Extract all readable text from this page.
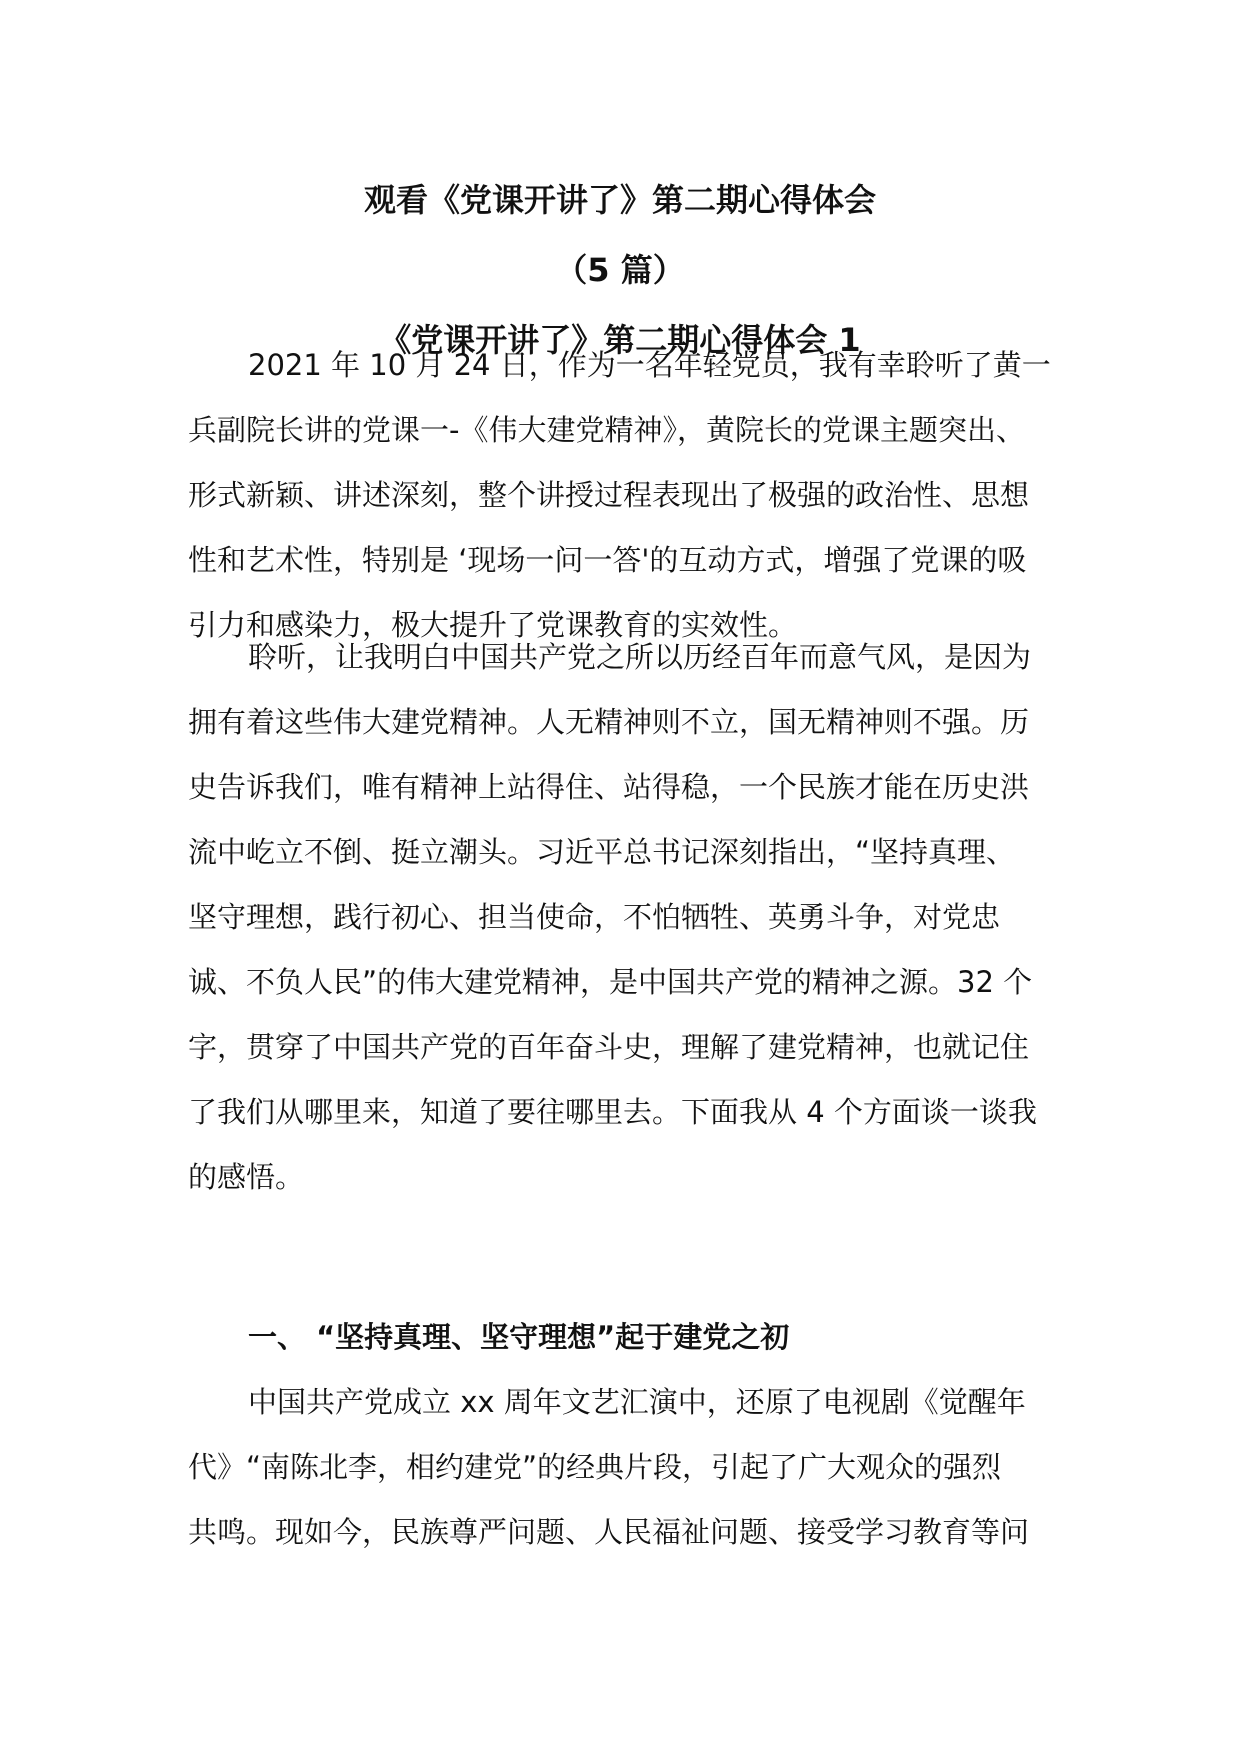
观看《党课开讲了》第二期心得体会
（5 篇）
《党课开讲了》第二期心得体会 1
2021 年 10 月 24 日，作为一名年轻党员，我有幸聆听了黄一
兵副院长讲的党课一-《伟大建党精神》，黄院长的党课主题突出、
形式新颖、讲述深刻，整个讲授过程表现出了极强的政治性、思想
性和艺术性，特别是 ‘现场一问一答'的互动方式，增强了党课的吸
引力和感染力，极大提升了党课教育的实效性。
聆听，让我明白中国共产党之所以历经百年而意气风，是因为
拥有着这些伟大建党精神。人无精神则不立，国无精神则不强。历
史告诉我们，唯有精神上站得住、站得稳，一个民族才能在历史洪
流中屹立不倒、挺立潮头。习近平总书记深刻指出，“坚持真理、
坚守理想，践行初心、担当使命，不怕牺牲、英勇斗争，对党忠
诚、不负人民”的伟大建党精神，是中国共产党的精神之源。32 个
字，贯穿了中国共产党的百年奋斗史，理解了建党精神，也就记住
了我们从哪里来，知道了要往哪里去。下面我从 4 个方面谈一谈我
的感悟。
一、 “坚持真理、坚守理想”起于建党之初
中国共产党成立 xx 周年文艺汇演中，还原了电视剧《觉醒年
代》“南陈北李，相约建党”的经典片段，引起了广大观众的强烈
共鸣。现如今，民族尊严问题、人民福祉问题、接受学习教育等问
